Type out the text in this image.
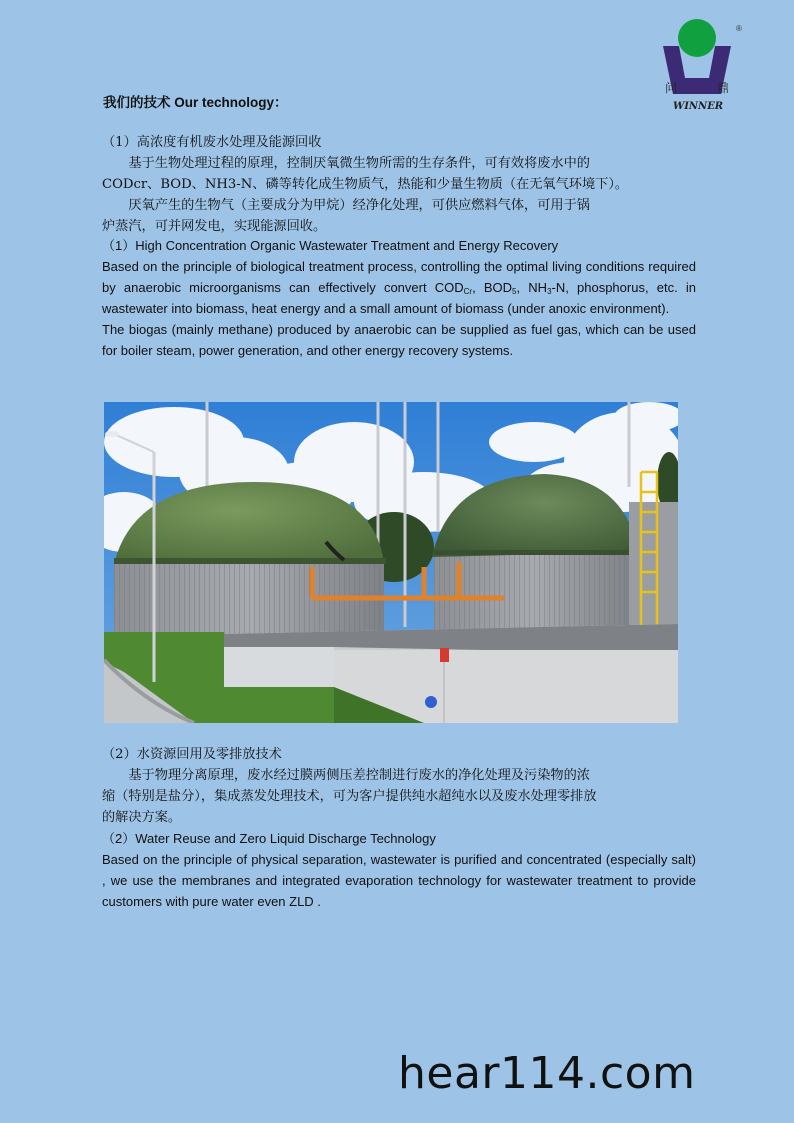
问	鼎
WINNER
®
我们的技术 Our technology：

（1）高浓度有机废水处理及能源回收

基于生物处理过程的原理，控制厌氧微生物所需的生存条件，可有效将废水中的

CODcr、BOD、NH3-N、磷等转化成生物质气，热能和少量生物质（在无氧气环境下）。

厌氧产生的生物气（主要成分为甲烷）经净化处理，可供应燃料气体，可用于锅

炉蒸汽，可并网发电，实现能源回收。

（1）High Concentration Organic Wastewater Treatment and Energy Recovery

Based on the principle of biological treatment process, controlling the optimal living conditions required by anaerobic microorganisms can effectively convert $COD_{Cr}$, $BOD_5$, $NH_3-N$, phosphorus, etc. in wastewater into biomass, heat energy and a small amount of biomass (under anoxic environment).

The biogas (mainly methane) produced by anaerobic can be supplied as fuel gas, which can be used for boiler steam, power generation, and other energy recovery systems.

（2）水资源回用及零排放技术

基于物理分离原理，废水经过膜两侧压差控制进行废水的净化处理及污染物的浓

缩（特别是盐分），集成蒸发处理技术，可为客户提供纯水超纯水以及废水处理零排放

的解决方案。

（2）Water Reuse and Zero Liquid Discharge Technology

Based on the principle of physical separation, wastewater is purified and concentrated (especially salt) , we use the membranes and integrated evaporation technology for wastewater treatment to provide customers with pure water even ZLD .

hear114.com
